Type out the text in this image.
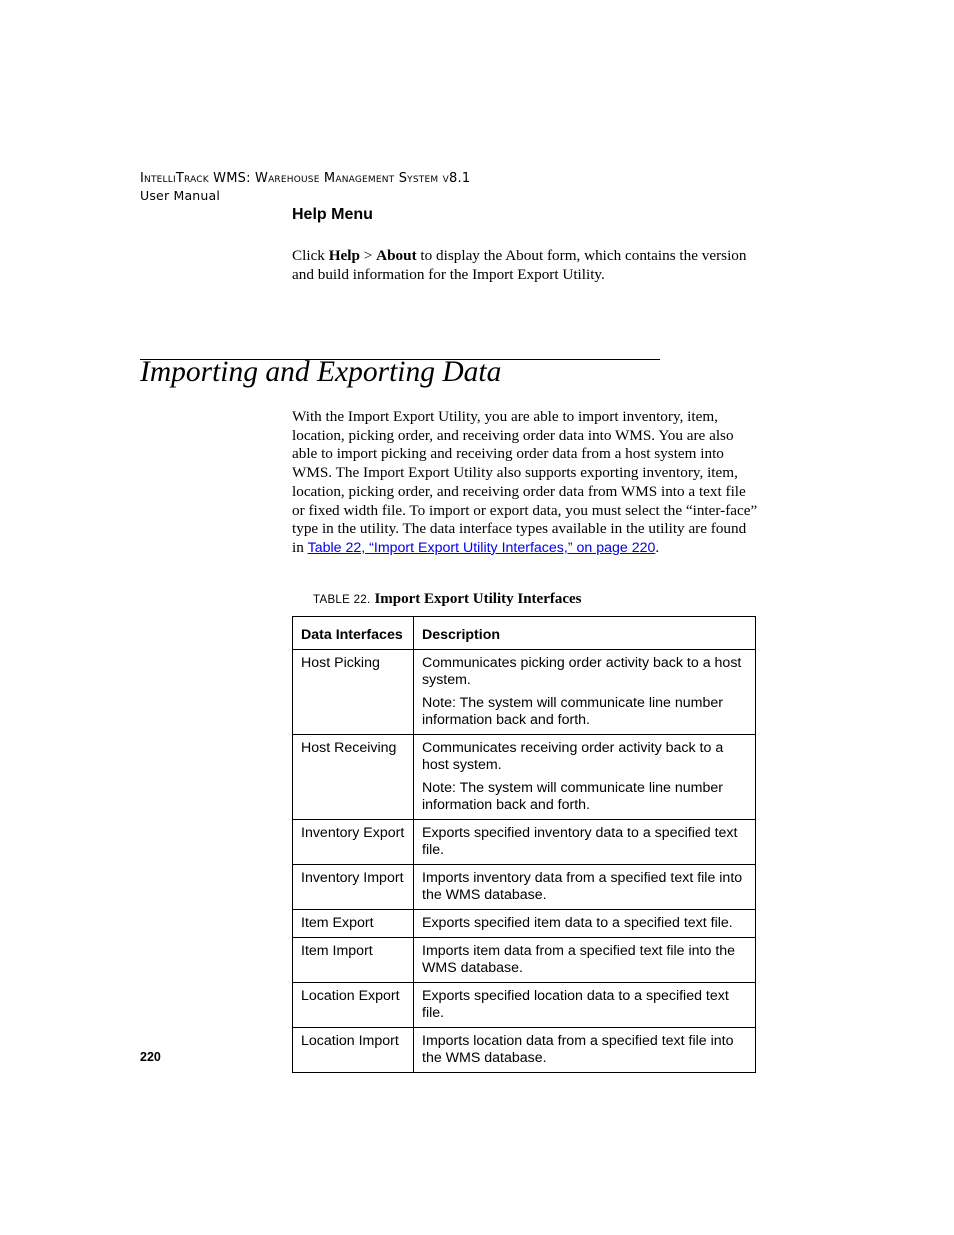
IntelliTrack WMS: Warehouse Management System v8.1
User Manual
Help Menu

Click Help > About to display the About form, which contains the version and build information for the Import Export Utility.

Importing and Exporting Data

With the Import Export Utility, you are able to import inventory, item, location, picking order, and receiving order data into WMS. You are also able to import picking and receiving order data from a host system into WMS. The Import Export Utility also supports exporting inventory, item, location, picking order, and receiving order data from WMS into a text file or fixed width file. To import or export data, you must select the “inter-face” type in the utility. The data interface types available in the utility are found in Table 22, “Import Export Utility Interfaces,” on page 220.

TABLE 22. Import Export Utility Interfaces

Data Interfaces	Description
Host Picking	Communicates picking order activity back to a host system.

Note: The system will communicate line number information back and forth.

Host Receiving	Communicates receiving order activity back to a host system.

Note: The system will communicate line number information back and forth.

Inventory Export	Exports specified inventory data to a specified text file.
Inventory Import	Imports inventory data from a specified text file into the WMS database.
Item Export	Exports specified item data to a specified text file.
Item Import	Imports item data from a specified text file into the WMS database.
Location Export	Exports specified location data to a specified text file.
Location Import	Imports location data from a specified text file into the WMS database.

220
